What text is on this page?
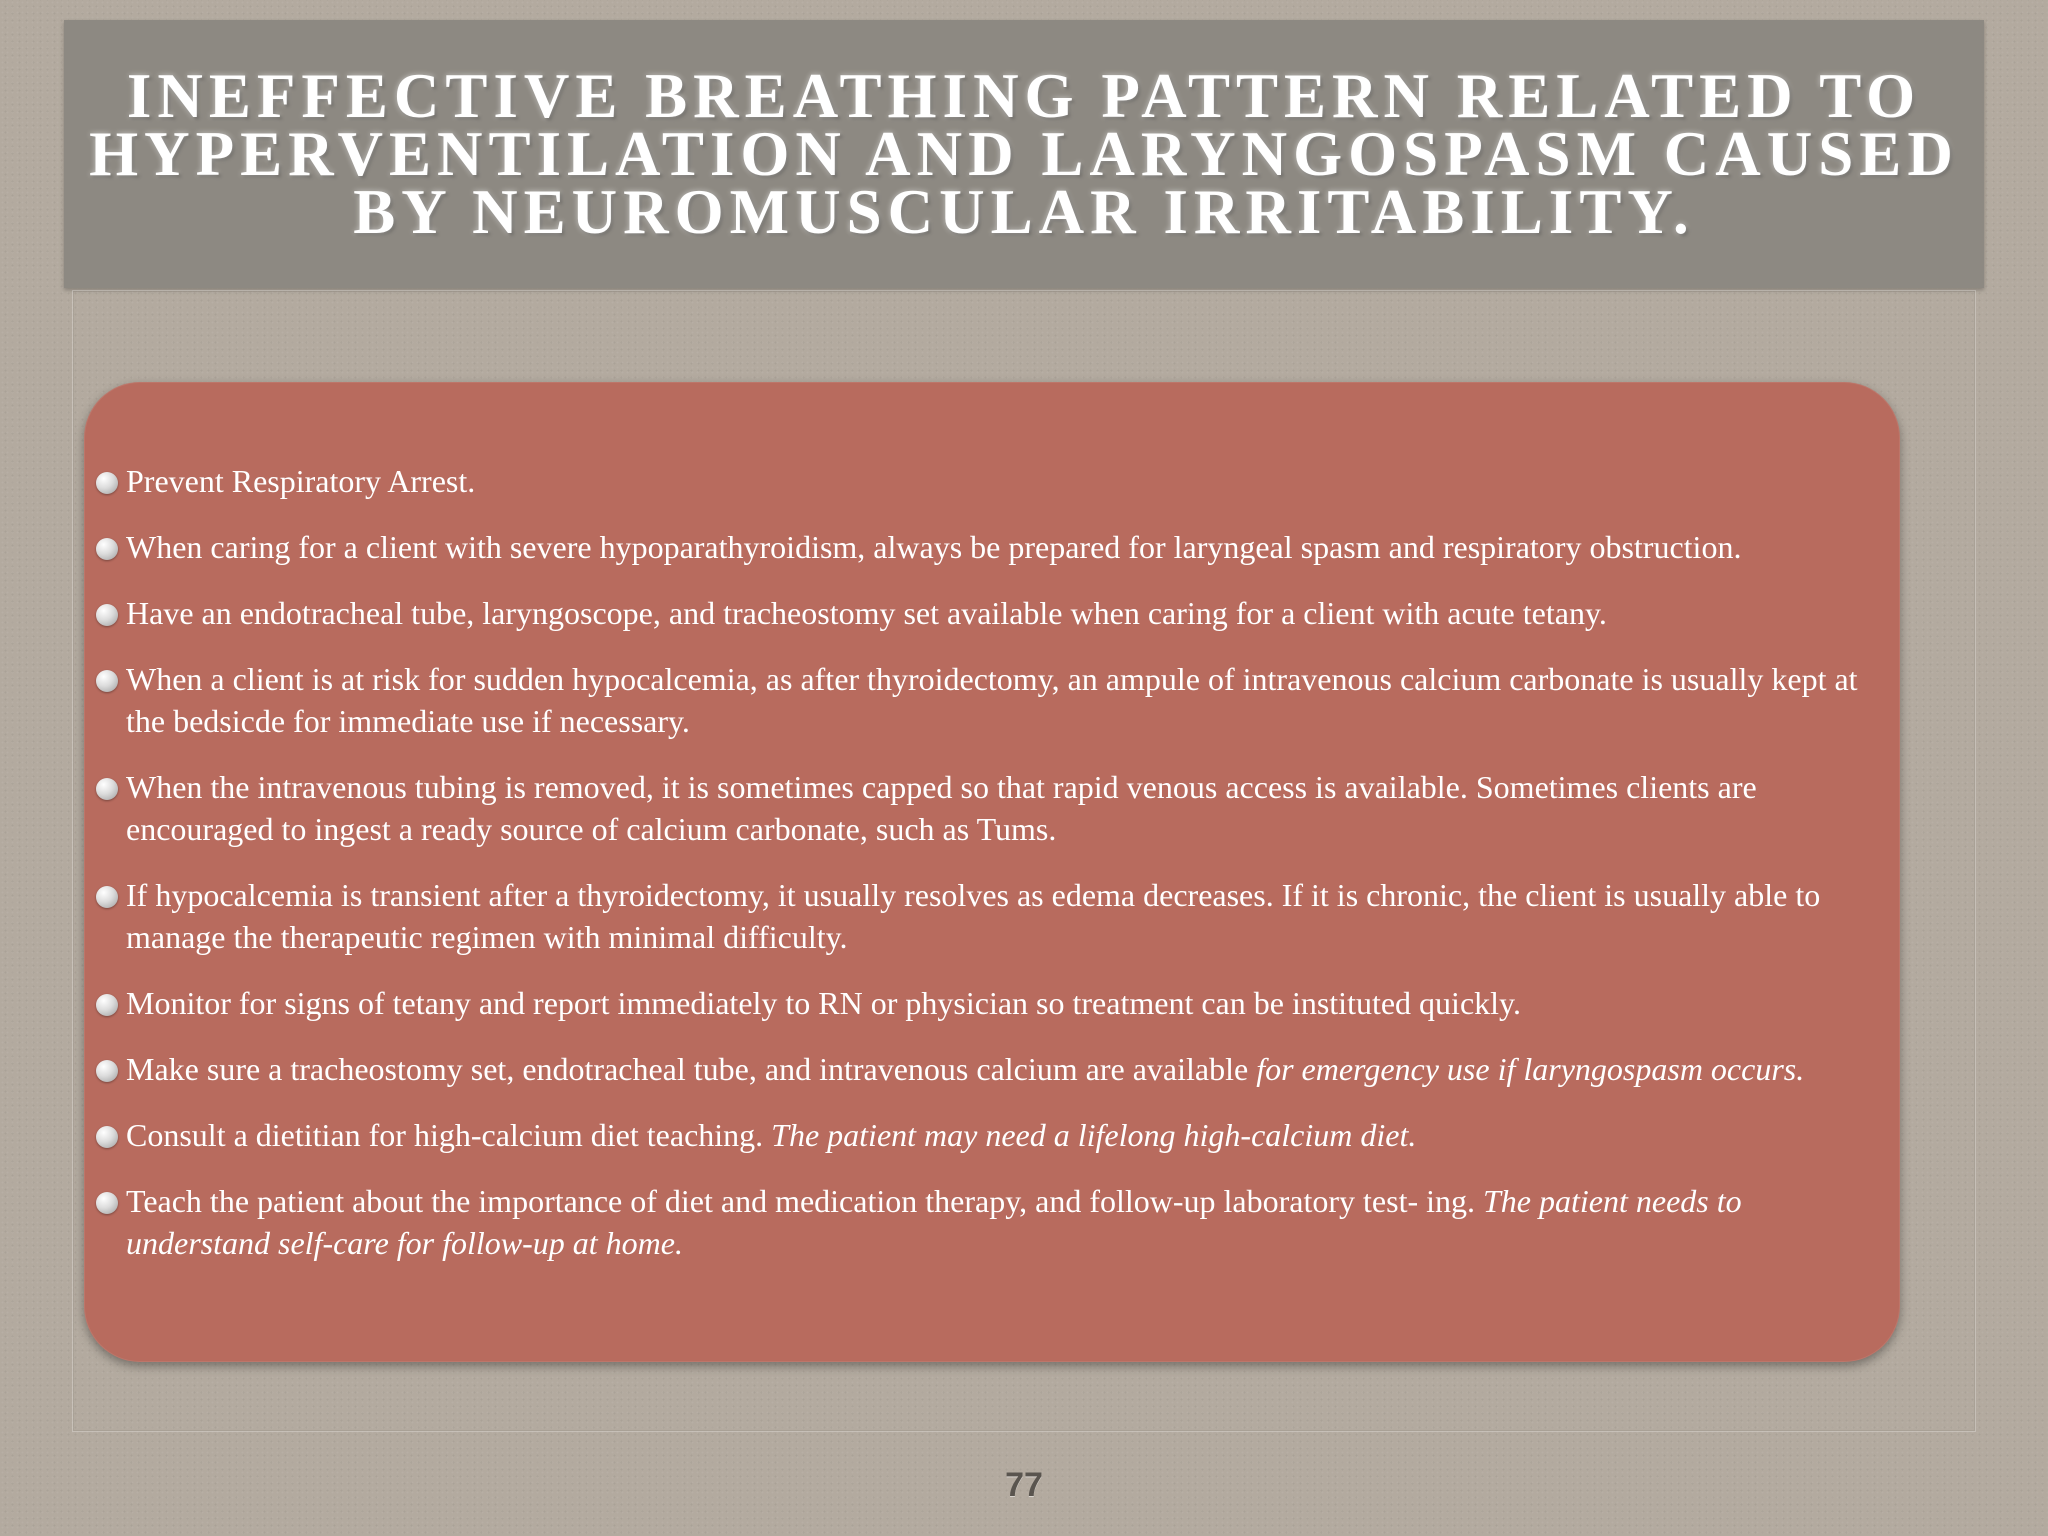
INEFFECTIVE BREATHING PATTERN RELATED TO HYPERVENTILATION AND LARYNGOSPASM CAUSED BY NEUROMUSCULAR IRRITABILITY.
Prevent Respiratory Arrest.
When caring for a client with severe hypoparathyroidism, always be prepared for laryngeal spasm and respiratory obstruction.
Have an endotracheal tube, laryngoscope, and tracheostomy set available when caring for a client with acute tetany.
When a client is at risk for sudden hypocalcemia, as after thyroidectomy, an ampule of intravenous calcium carbonate is usually kept at the bedsicde for immediate use if necessary.
When the intravenous tubing is removed, it is sometimes capped so that rapid venous access is available. Sometimes clients are encouraged to ingest a ready source of calcium carbonate, such as Tums.
If hypocalcemia is transient after a thyroidectomy, it usually resolves as edema decreases. If it is chronic, the client is usually able to manage the therapeutic regimen with minimal difficulty.
Monitor for signs of tetany and report immediately to RN or physician so treatment can be instituted quickly.
Make sure a tracheostomy set, endotracheal tube, and intravenous calcium are available for emergency use if laryngospasm occurs.
Consult a dietitian for high-calcium diet teaching. The patient may need a lifelong high-calcium diet.
Teach the patient about the importance of diet and medication therapy, and follow-up laboratory test- ing. The patient needs to understand self-care for follow-up at home.
77
